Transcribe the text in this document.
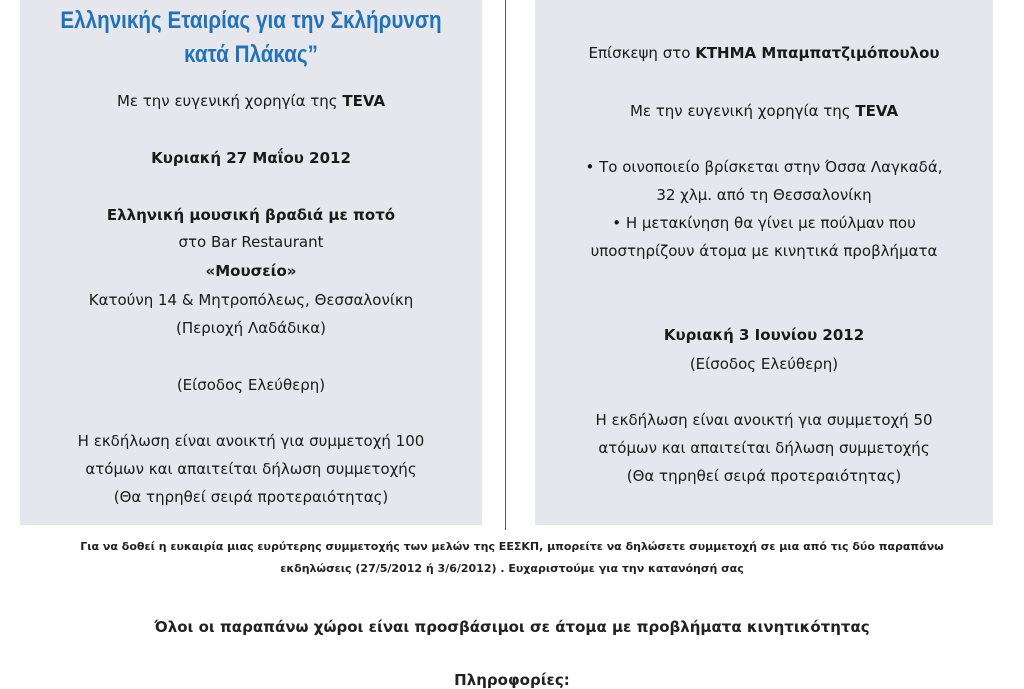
Ελληνικής Εταιρίας για την Σκλήρυνση
κατά Πλάκας”
Με την ευγενική χορηγία της TEVA
Κυριακή 27 Μαΐου 2012
Ελληνική μουσική βραδιά με ποτό
στο Bar Restaurant
«Μουσείο»
Κατούνη 14 & Μητροπόλεως, Θεσσαλονίκη
(Περιοχή Λαδάδικα)
(Είσοδος Ελεύθερη)
Η εκδήλωση είναι ανοικτή για συμμετοχή 100
ατόμων και απαιτείται δήλωση συμμετοχής
(Θα τηρηθεί σειρά προτεραιότητας)
Επίσκεψη στο ΚΤΗΜΑ Μπαμπατζιμόπουλου
Με την ευγενική χορηγία της TEVA
• Το οινοποιείο βρίσκεται στην Όσσα Λαγκαδά,
32 χλμ. από τη Θεσσαλονίκη
• Η μετακίνηση θα γίνει με πούλμαν που
υποστηρίζουν άτομα με κινητικά προβλήματα
Κυριακή 3 Ιουνίου 2012
(Είσοδος Ελεύθερη)
Η εκδήλωση είναι ανοικτή για συμμετοχή 50
ατόμων και απαιτείται δήλωση συμμετοχής
(Θα τηρηθεί σειρά προτεραιότητας)
Για να δοθεί η ευκαιρία μιας ευρύτερης συμμετοχής των μελών της ΕΕΣΚΠ, μπορείτε να δηλώσετε συμμετοχή σε μια από τις δύο παραπάνω
εκδηλώσεις (27/5/2012 ή 3/6/2012) . Ευχαριστούμε για την κατανόησή σας
Όλοι οι παραπάνω χώροι είναι προσβάσιμοι σε άτομα με προβλήματα κινητικότητας
Πληροφορίες:
